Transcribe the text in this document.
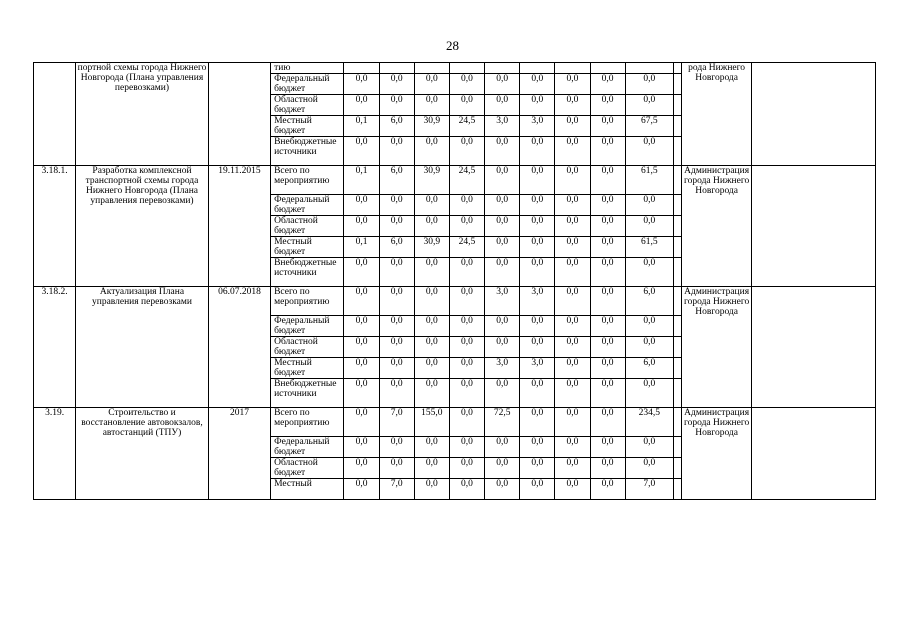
28
	портной схемы города Нижнего Новгорода (Плана управления перевозками)		тию											рода Нижнего Новгорода	
			Федеральный бюджет	0,0	0,0	0,0	0,0	0,0	0,0	0,0	0,0	0,0			
			Областной бюджет	0,0	0,0	0,0	0,0	0,0	0,0	0,0	0,0	0,0			
			Местный бюджет	0,1	6,0	30,9	24,5	3,0	3,0	0,0	0,0	67,5			
			Внебюджетные источники	0,0	0,0	0,0	0,0	0,0	0,0	0,0	0,0	0,0			
3.18.1.	Разработка комплексной транспортной схемы города Нижнего Новгорода (Плана управления перевозками)	19.11.2015	Всего по мероприятию	0,1	6,0	30,9	24,5	0,0	0,0	0,0	0,0	61,5		Администрация города Нижнего Новгорода	
			Федеральный бюджет	0,0	0,0	0,0	0,0	0,0	0,0	0,0	0,0	0,0			
			Областной бюджет	0,0	0,0	0,0	0,0	0,0	0,0	0,0	0,0	0,0			
			Местный бюджет	0,1	6,0	30,9	24,5	0,0	0,0	0,0	0,0	61,5			
			Внебюджетные источники	0,0	0,0	0,0	0,0	0,0	0,0	0,0	0,0	0,0			
3.18.2.	Актуализация Плана управления перевозками	06.07.2018	Всего по мероприятию	0,0	0,0	0,0	0,0	3,0	3,0	0,0	0,0	6,0		Администрация города Нижнего Новгорода	
			Федеральный бюджет	0,0	0,0	0,0	0,0	0,0	0,0	0,0	0,0	0,0			
			Областной бюджет	0,0	0,0	0,0	0,0	0,0	0,0	0,0	0,0	0,0			
			Местный бюджет	0,0	0,0	0,0	0,0	3,0	3,0	0,0	0,0	6,0			
			Внебюджетные источники	0,0	0,0	0,0	0,0	0,0	0,0	0,0	0,0	0,0			
3.19.	Строительство и восстановление автовокзалов, автостанций (ТПУ)	2017	Всего по мероприятию	0,0	7,0	155,0	0,0	72,5	0,0	0,0	0,0	234,5		Администрация города Нижнего Новгорода	
			Федеральный бюджет	0,0	0,0	0,0	0,0	0,0	0,0	0,0	0,0	0,0			
			Областной бюджет	0,0	0,0	0,0	0,0	0,0	0,0	0,0	0,0	0,0			
			Местный	0,0	7,0	0,0	0,0	0,0	0,0	0,0	0,0	7,0			
